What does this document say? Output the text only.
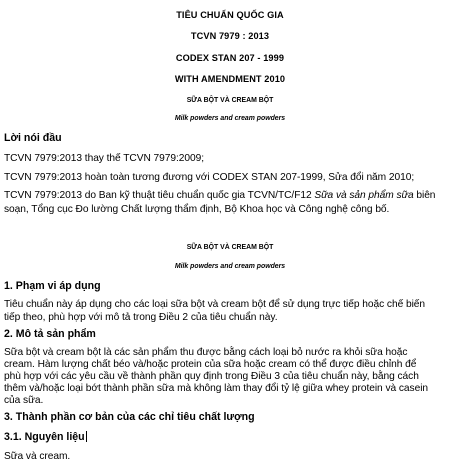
TIÊU CHUẨN QUỐC GIA
TCVN 7979 : 2013
CODEX STAN 207 - 1999
WITH AMENDMENT 2010
SỮA BỘT VÀ CREAM BỘT
Milk powders and cream powders
Lời nói đầu
TCVN 7979:2013 thay thế TCVN 7979:2009;
TCVN 7979:2013 hoàn toàn tương đương với CODEX STAN 207-1999, Sửa đổi năm 2010;
TCVN 7979:2013 do Ban kỹ thuật tiêu chuẩn quốc gia TCVN/TC/F12 Sữa và sản phẩm sữa biên
soạn, Tổng cục Đo lường Chất lượng thẩm định, Bộ Khoa học và Công nghệ công bố.
SỮA BỘT VÀ CREAM BỘT
Milk powders and cream powders
1. Phạm vi áp dụng
Tiêu chuẩn này áp dụng cho các loại sữa bột và cream bột để sử dụng trực tiếp hoặc chế biến
tiếp theo, phù hợp với mô tả trong Điều 2 của tiêu chuẩn này.
2. Mô tả sản phẩm
Sữa bột và cream bột là các sản phẩm thu được bằng cách loại bỏ nước ra khỏi sữa hoặc
cream. Hàm lượng chất béo và/hoặc protein của sữa hoặc cream có thể được điều chỉnh để
phù hợp với các yêu cầu về thành phần quy định trong Điều 3 của tiêu chuẩn này, bằng cách
thêm và/hoặc loại bớt thành phần sữa mà không làm thay đổi tỷ lệ giữa whey protein và casein
của sữa.
3. Thành phần cơ bản của các chỉ tiêu chất lượng
3.1. Nguyên liệu
Sữa và cream.
